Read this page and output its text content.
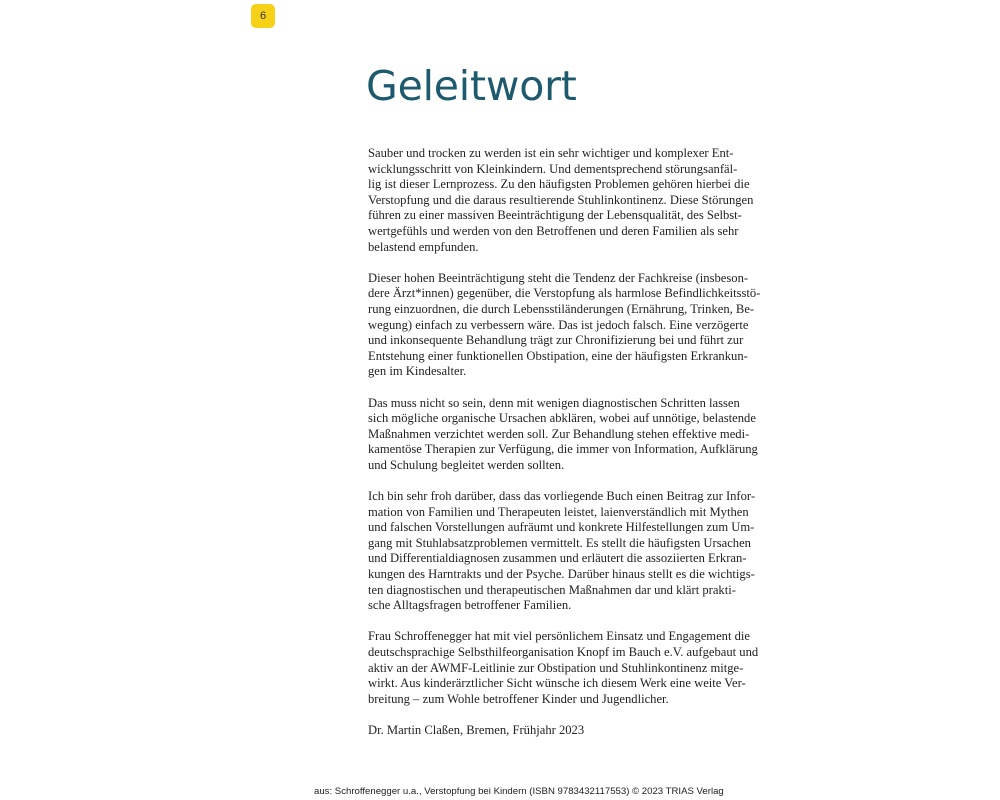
6
Geleitwort

Sauber und trocken zu werden ist ein sehr wichtiger und komplexer Ent-
wicklungsschritt von Kleinkindern. Und dementsprechend störungsanfäl-
lig ist dieser Lernprozess. Zu den häufigsten Problemen gehören hierbei die
Verstopfung und die daraus resultierende Stuhlinkontinenz. Diese Störungen
führen zu einer massiven Beeinträchtigung der Lebensqualität, des Selbst-
wertgefühls und werden von den Betroffenen und deren Familien als sehr
belastend empfunden.

Dieser hohen Beeinträchtigung steht die Tendenz der Fachkreise (insbeson-
dere Ärzt*innen) gegenüber, die Verstopfung als harmlose Befindlichkeitsstö-
rung einzuordnen, die durch Lebensstiländerungen (Ernährung, Trinken, Be-
wegung) einfach zu verbessern wäre. Das ist jedoch falsch. Eine verzögerte
und inkonsequente Behandlung trägt zur Chronifizierung bei und führt zur
Entstehung einer funktionellen Obstipation, eine der häufigsten Erkrankun-
gen im Kindesalter.

Das muss nicht so sein, denn mit wenigen diagnostischen Schritten lassen
sich mögliche organische Ursachen abklären, wobei auf unnötige, belastende
Maßnahmen verzichtet werden soll. Zur Behandlung stehen effektive medi-
kamentöse Therapien zur Verfügung, die immer von Information, Aufklärung
und Schulung begleitet werden sollten.

Ich bin sehr froh darüber, dass das vorliegende Buch einen Beitrag zur Infor-
mation von Familien und Therapeuten leistet, laienverständlich mit Mythen
und falschen Vorstellungen aufräumt und konkrete Hilfestellungen zum Um-
gang mit Stuhlabsatzproblemen vermittelt. Es stellt die häufigsten Ursachen
und Differentialdiagnosen zusammen und erläutert die assoziierten Erkran-
kungen des Harntrakts und der Psyche. Darüber hinaus stellt es die wichtigs-
ten diagnostischen und therapeutischen Maßnahmen dar und klärt prakti-
sche Alltagsfragen betroffener Familien.

Frau Schroffenegger hat mit viel persönlichem Einsatz und Engagement die
deutschsprachige Selbsthilfeorganisation Knopf im Bauch e.V. aufgebaut und
aktiv an der AWMF-Leitlinie zur Obstipation und Stuhlinkontinenz mitge-
wirkt. Aus kinderärztlicher Sicht wünsche ich diesem Werk eine weite Ver-
breitung – zum Wohle betroffener Kinder und Jugendlicher.

Dr. Martin Claßen, Bremen, Frühjahr 2023

aus: Schroffenegger u.a., Verstopfung bei Kindern (ISBN 9783432117553) © 2023 TRIAS Verlag
